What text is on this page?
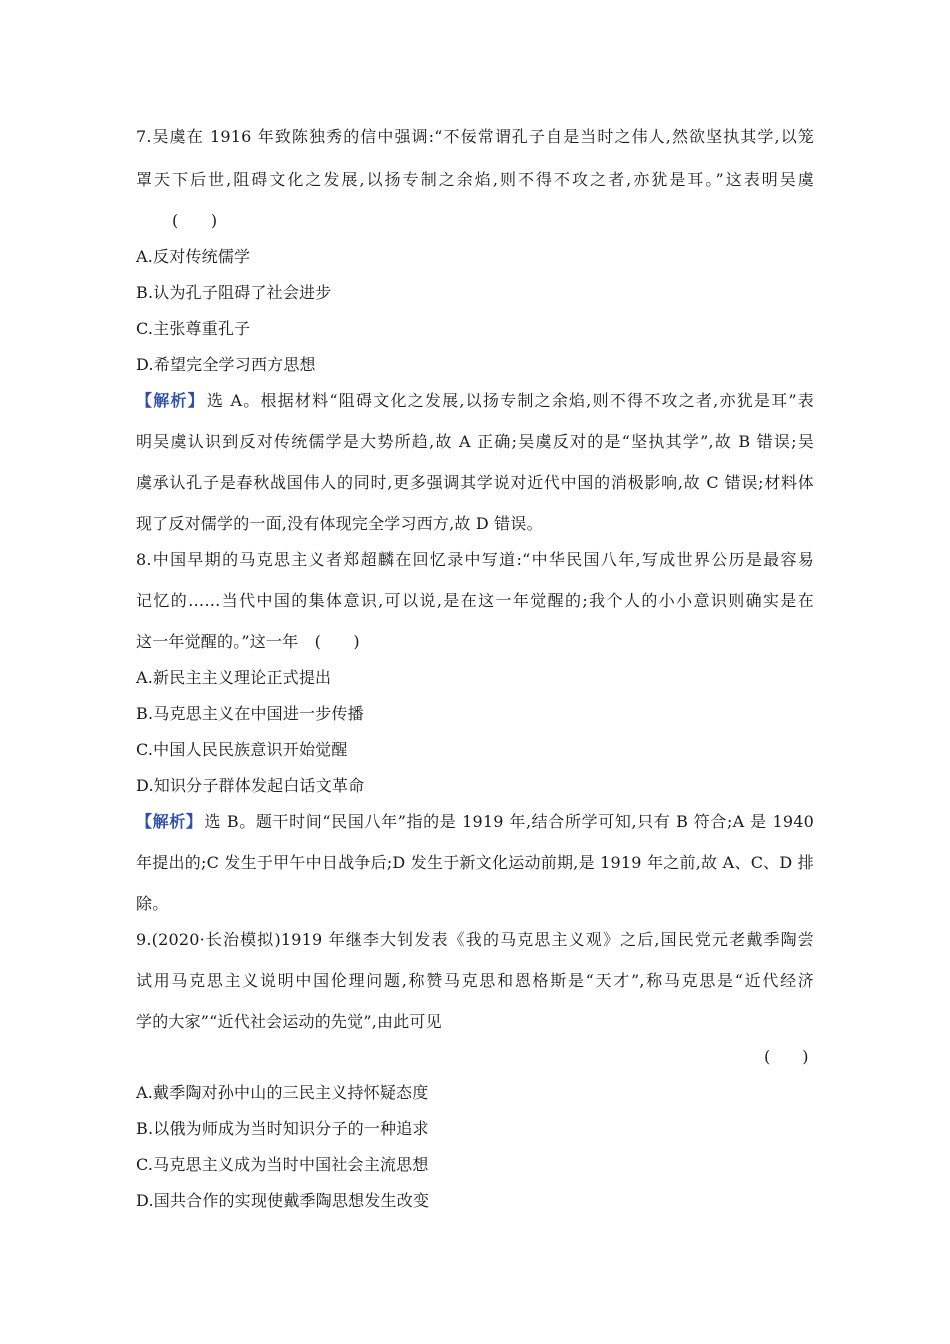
7.吴虞在 1916 年致陈独秀的信中强调:“不佞常谓孔子自是当时之伟人,然欲坚执其学,以笼
罩天下后世,阻碍文化之发展,以扬专制之余焰,则不得不攻之者,亦犹是耳。”这表明吴虞
(　　)
A.反对传统儒学
B.认为孔子阻碍了社会进步
C.主张尊重孔子
D.希望完全学习西方思想
【解析】 选 A。根据材料“阻碍文化之发展,以扬专制之余焰,则不得不攻之者,亦犹是耳”表
明吴虞认识到反对传统儒学是大势所趋,故 A 正确;吴虞反对的是“坚执其学”,故 B 错误;吴
虞承认孔子是春秋战国伟人的同时,更多强调其学说对近代中国的消极影响,故 C 错误;材料体
现了反对儒学的一面,没有体现完全学习西方,故 D 错误。
8.中国早期的马克思主义者郑超麟在回忆录中写道:“中华民国八年,写成世界公历是最容易
记忆的……当代中国的集体意识,可以说,是在这一年觉醒的;我个人的小小意识则确实是在
这一年觉醒的。”这一年　(　　)
A.新民主主义理论正式提出
B.马克思主义在中国进一步传播
C.中国人民民族意识开始觉醒
D.知识分子群体发起白话文革命
【解析】 选 B。题干时间“民国八年”指的是 1919 年,结合所学可知,只有 B 符合;A 是 1940
年提出的;C 发生于甲午中日战争后;D 发生于新文化运动前期,是 1919 年之前,故 A、C、D 排
除。
9.(2020·长治模拟)1919 年继李大钊发表《我的马克思主义观》之后,国民党元老戴季陶尝
试用马克思主义说明中国伦理问题,称赞马克思和恩格斯是“天才”,称马克思是“近代经济
学的大家”“近代社会运动的先觉”,由此可见
(　　)
A.戴季陶对孙中山的三民主义持怀疑态度
B.以俄为师成为当时知识分子的一种追求
C.马克思主义成为当时中国社会主流思想
D.国共合作的实现使戴季陶思想发生改变
